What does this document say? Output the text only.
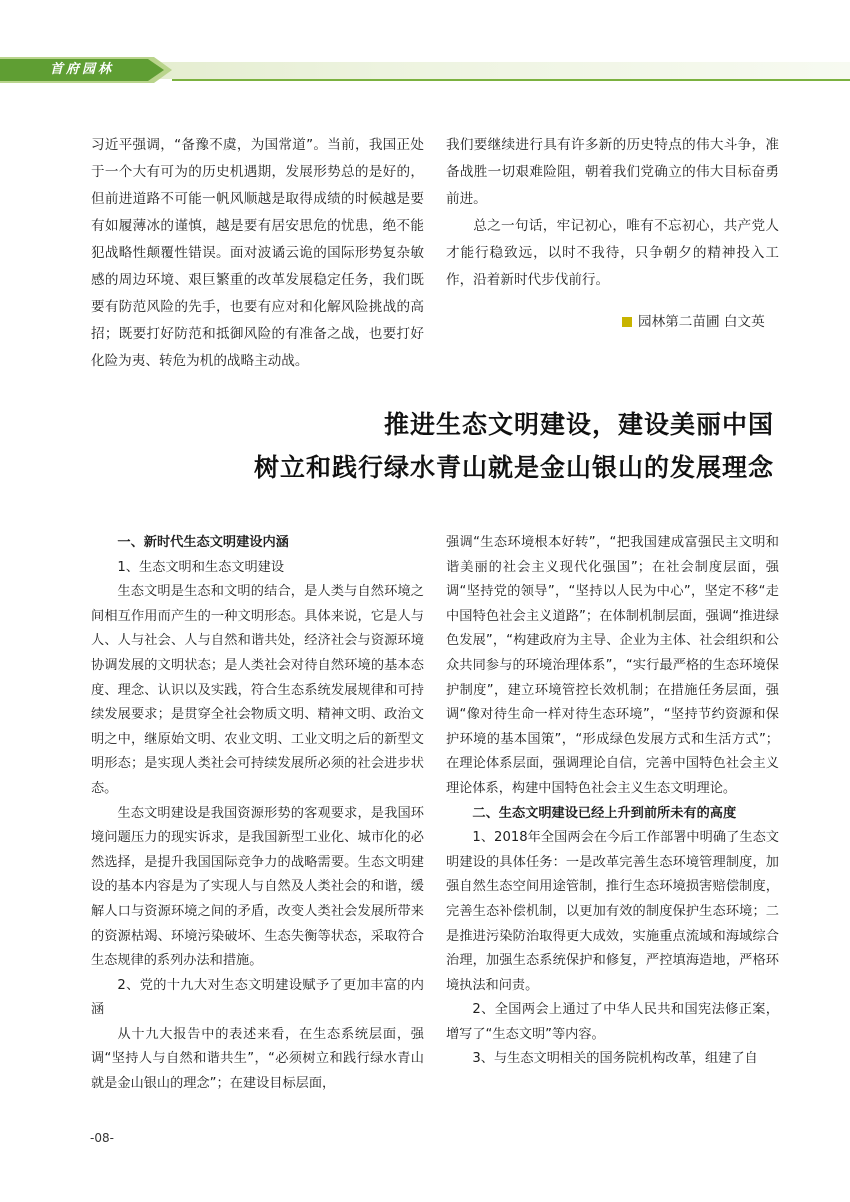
首府园林

习近平强调，“备豫不虞，为国常道”。当前，我国正处于一个大有可为的历史机遇期，发展形势总的是好的，但前进道路不可能一帆风顺越是取得成绩的时候越是要有如履薄冰的谨慎，越是要有居安思危的忧患，绝不能犯战略性颠覆性错误。面对波谲云诡的国际形势复杂敏感的周边环境、艰巨繁重的改革发展稳定任务，我们既要有防范风险的先手，也要有应对和化解风险挑战的高招；既要打好防范和抵御风险的有准备之战，也要打好化险为夷、转危为机的战略主动战。

我们要继续进行具有许多新的历史特点的伟大斗争，准备战胜一切艰难险阻，朝着我们党确立的伟大目标奋勇前进。

总之一句话，牢记初心，唯有不忘初心，共产党人才能行稳致远，以时不我待，只争朝夕的精神投入工作，沿着新时代步伐前行。

园林第二苗圃 白文英
推进生态文明建设，建设美丽中国
树立和践行绿水青山就是金山银山的发展理念

一、新时代生态文明建设内涵

1、生态文明和生态文明建设

生态文明是生态和文明的结合，是人类与自然环境之间相互作用而产生的一种文明形态。具体来说，它是人与人、人与社会、人与自然和谐共处，经济社会与资源环境协调发展的文明状态；是人类社会对待自然环境的基本态度、理念、认识以及实践，符合生态系统发展规律和可持续发展要求；是贯穿全社会物质文明、精神文明、政治文明之中，继原始文明、农业文明、工业文明之后的新型文明形态；是实现人类社会可持续发展所必须的社会进步状态。

生态文明建设是我国资源形势的客观要求，是我国环境问题压力的现实诉求，是我国新型工业化、城市化的必然选择，是提升我国国际竞争力的战略需要。生态文明建设的基本内容是为了实现人与自然及人类社会的和谐，缓解人口与资源环境之间的矛盾，改变人类社会发展所带来的资源枯竭、环境污染破坏、生态失衡等状态，采取符合生态规律的系列办法和措施。

2、党的十九大对生态文明建设赋予了更加丰富的内涵

从十九大报告中的表述来看，在生态系统层面，强调“坚持人与自然和谐共生”，“必须树立和践行绿水青山就是金山银山的理念”；在建设目标层面，

强调“生态环境根本好转”，“把我国建成富强民主文明和谐美丽的社会主义现代化强国”；在社会制度层面，强调“坚持党的领导”，“坚持以人民为中心”，坚定不移“走中国特色社会主义道路”；在体制机制层面，强调“推进绿色发展”，“构建政府为主导、企业为主体、社会组织和公众共同参与的环境治理体系”，“实行最严格的生态环境保护制度”，建立环境管控长效机制；在措施任务层面，强调“像对待生命一样对待生态环境”，“坚持节约资源和保护环境的基本国策”，“形成绿色发展方式和生活方式”；在理论体系层面，强调理论自信，完善中国特色社会主义理论体系，构建中国特色社会主义生态文明理论。

二、生态文明建设已经上升到前所未有的高度

1、2018年全国两会在今后工作部署中明确了生态文明建设的具体任务：一是改革完善生态环境管理制度，加强自然生态空间用途管制，推行生态环境损害赔偿制度，完善生态补偿机制，以更加有效的制度保护生态环境；二是推进污染防治取得更大成效，实施重点流域和海域综合治理，加强生态系统保护和修复，严控填海造地，严格环境执法和问责。

2、全国两会上通过了中华人民共和国宪法修正案，增写了“生态文明”等内容。

3、与生态文明相关的国务院机构改革，组建了自

-08-
